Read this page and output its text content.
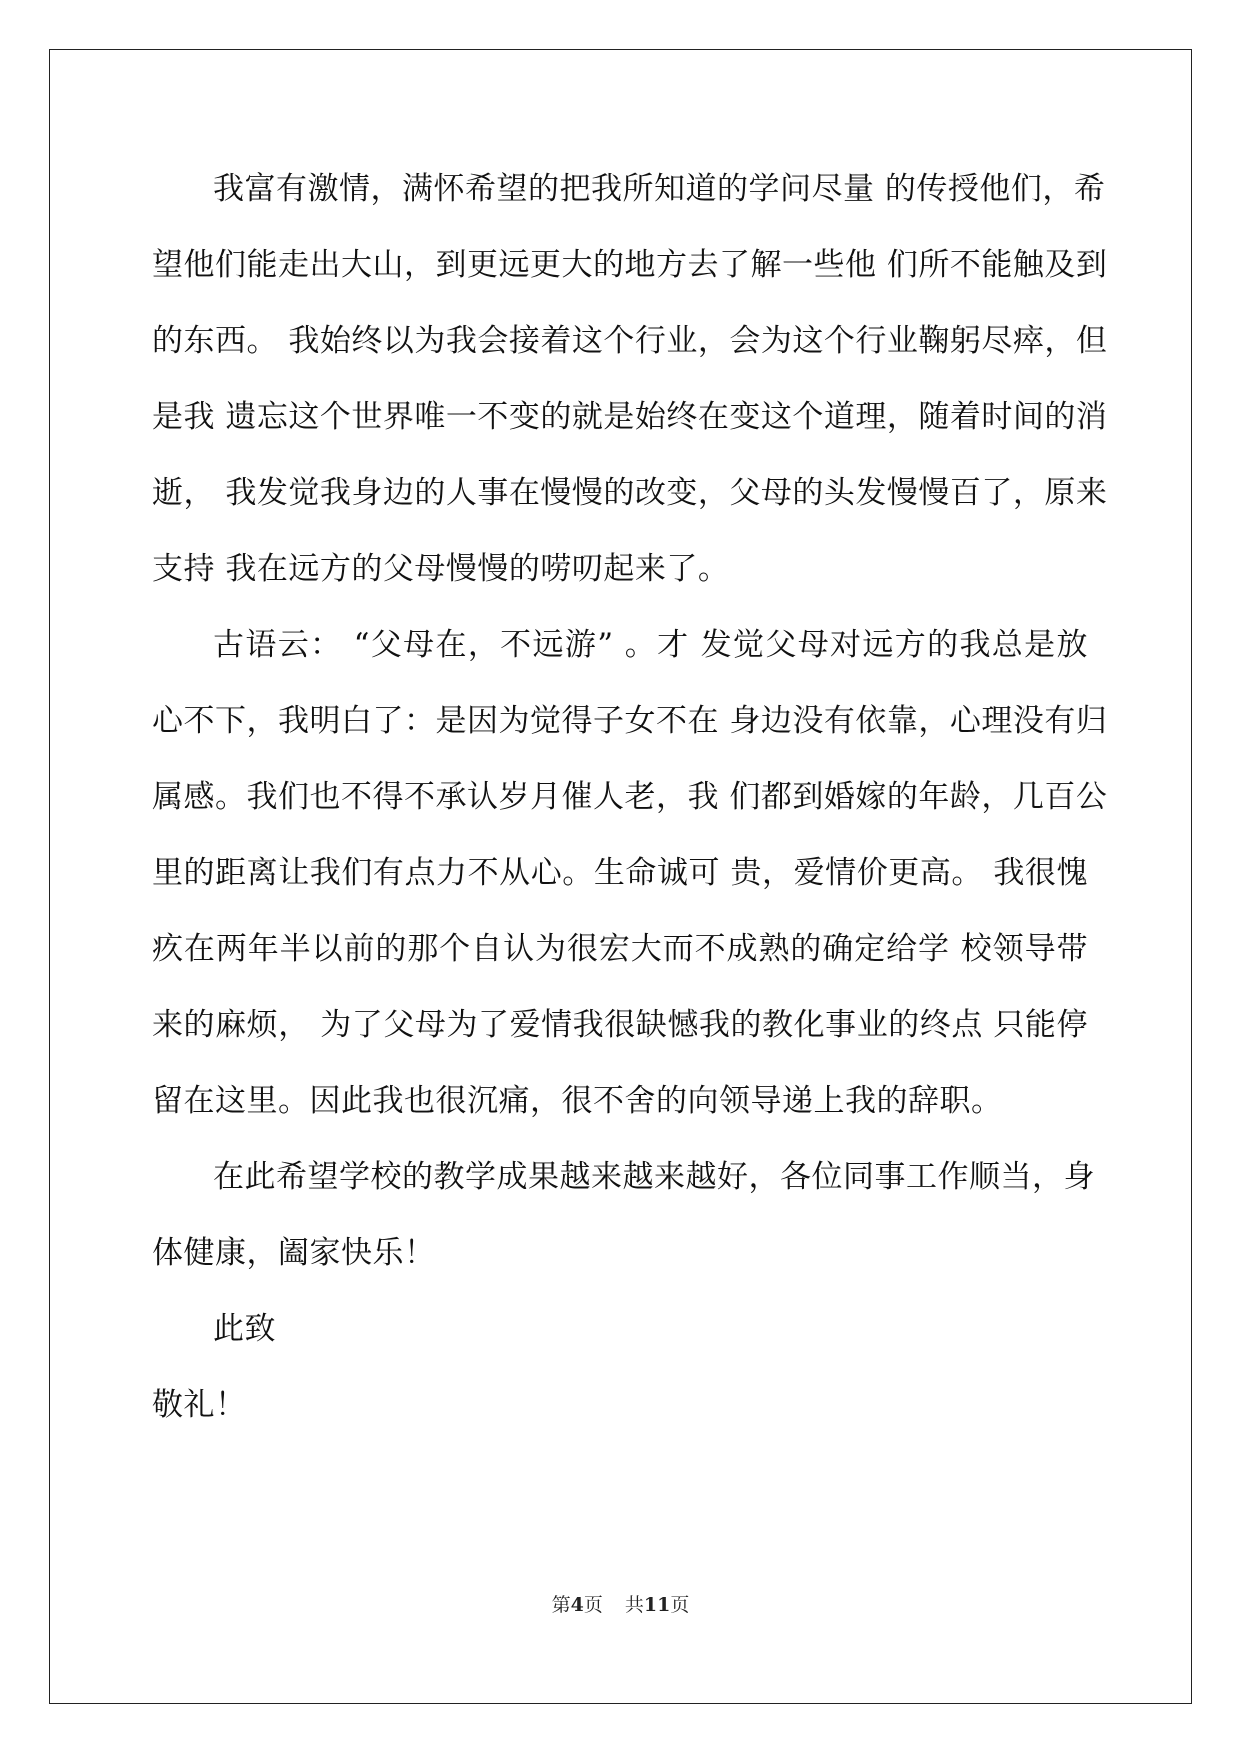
我富有激情，满怀希望的把我所知道的学问尽量 的传授他们，希
望他们能走出大山，到更远更大的地方去了解一些他 们所不能触及到
的东西。 我始终以为我会接着这个行业，会为这个行业鞠躬尽瘁，但
是我 遗忘这个世界唯一不变的就是始终在变这个道理，随着时间的消
逝， 我发觉我身边的人事在慢慢的改变，父母的头发慢慢百了，原来
支持 我在远方的父母慢慢的唠叨起来了。
古语云： “父母在，不远游” 。才 发觉父母对远方的我总是放
心不下，我明白了：是因为觉得子女不在 身边没有依靠，心理没有归
属感。我们也不得不承认岁月催人老，我 们都到婚嫁的年龄，几百公
里的距离让我们有点力不从心。生命诚可 贵，爱情价更高。 我很愧
疚在两年半以前的那个自认为很宏大而不成熟的确定给学 校领导带
来的麻烦， 为了父母为了爱情我很缺憾我的教化事业的终点 只能停
留在这里。因此我也很沉痛，很不舍的向领导递上我的辞职。
在此希望学校的教学成果越来越来越好，各位同事工作顺当，身
体健康，阖家快乐！
此致
敬礼！
第4页 共11页
